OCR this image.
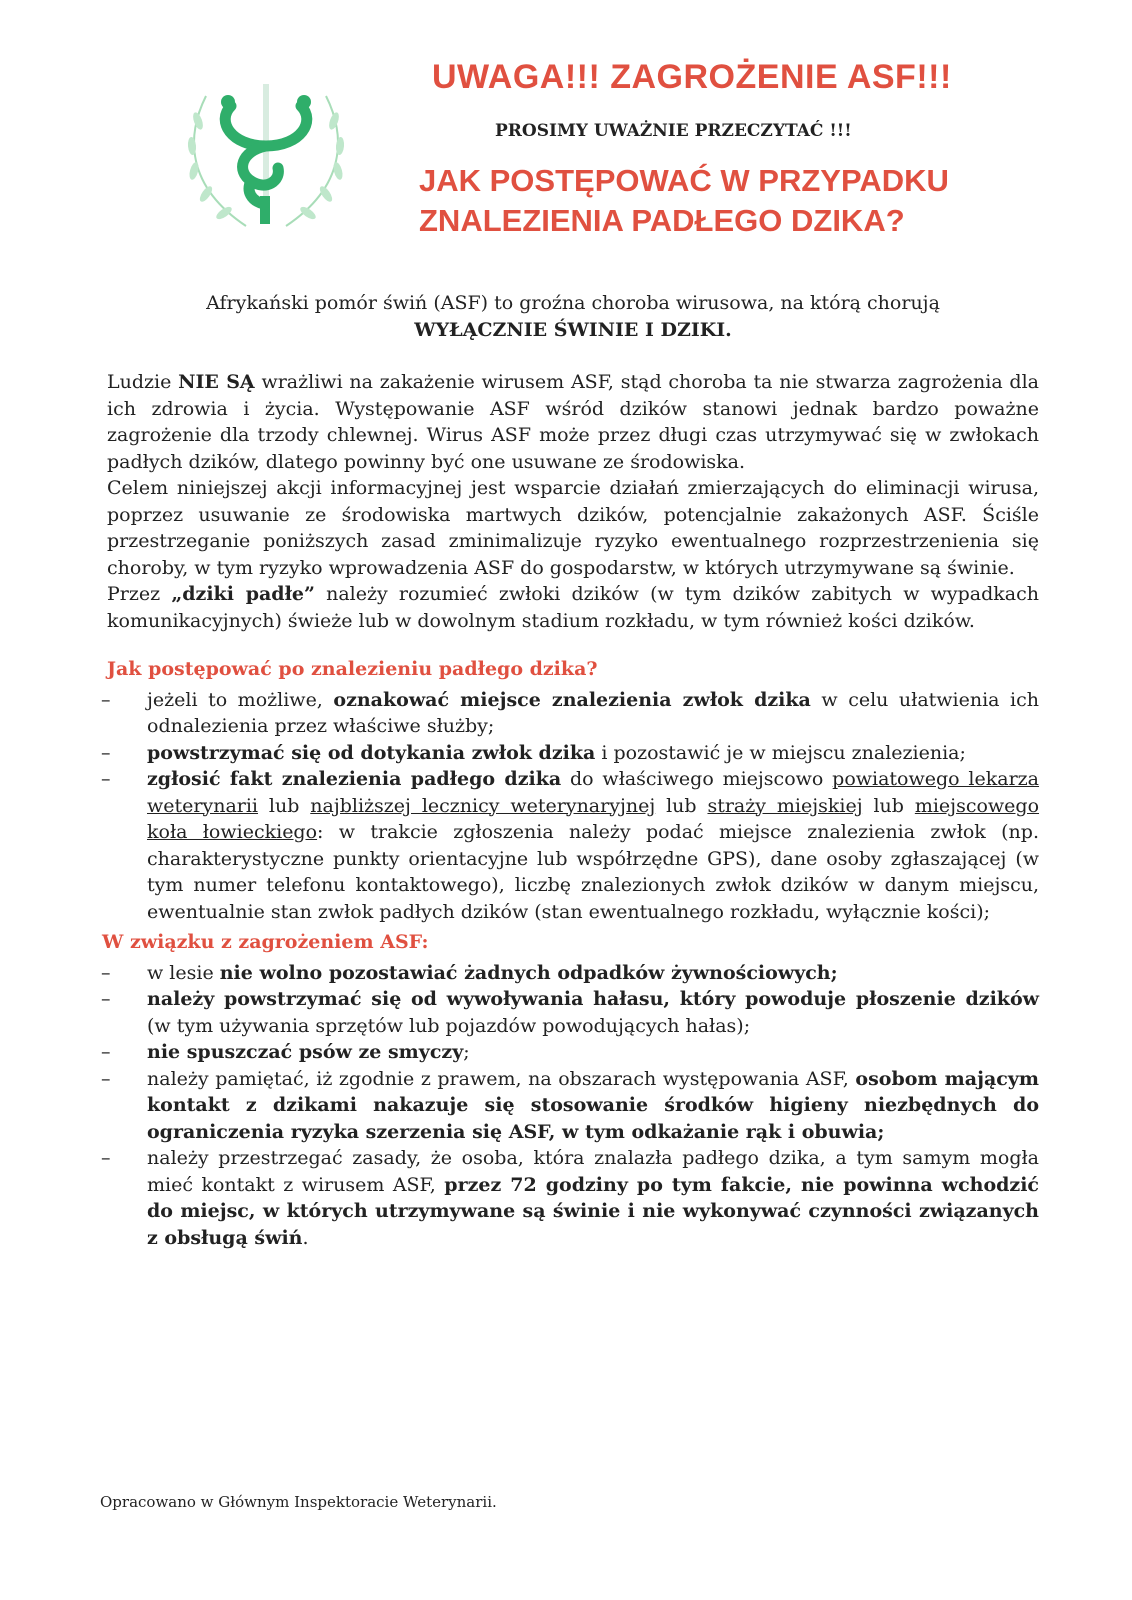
UWAGA!!! ZAGROŻENIE ASF!!!
PROSIMY UWAŻNIE PRZECZYTAĆ !!!
JAK POSTĘPOWAĆ W PRZYPADKU
ZNALEZIENIA PADŁEGO DZIKA?

Afrykański pomór świń (ASF) to groźna choroba wirusowa, na którą chorują

WYŁĄCZNIE ŚWINIE I DZIKI.

Ludzie NIE SĄ wrażliwi na zakażenie wirusem ASF, stąd choroba ta nie stwarza zagrożenia dla ich zdrowia i życia. Występowanie ASF wśród dzików stanowi jednak bardzo poważne zagrożenie dla trzody chlewnej. Wirus ASF może przez długi czas utrzymywać się w zwłokach padłych dzików, dlatego powinny być one usuwane ze środowiska.

Celem niniejszej akcji informacyjnej jest wsparcie działań zmierzających do eliminacji wirusa, poprzez usuwanie ze środowiska martwych dzików, potencjalnie zakażonych ASF. Ściśle przestrzeganie poniższych zasad zminimalizuje ryzyko ewentualnego rozprzestrzenienia się choroby, w tym ryzyko wprowadzenia ASF do gospodarstw, w których utrzymywane są świnie.

Przez „dziki padłe” należy rozumieć zwłoki dzików (w tym dzików zabitych w wypadkach komunikacyjnych) świeże lub w dowolnym stadium rozkładu, w tym również kości dzików.

Jak postępować po znalezieniu padłego dzika?
– jeżeli to możliwe, oznakować miejsce znalezienia zwłok dzika w celu ułatwienia ich odnalezienia przez właściwe służby;
– powstrzymać się od dotykania zwłok dzika i pozostawić je w miejscu znalezienia;
– zgłosić fakt znalezienia padłego dzika do właściwego miejscowo powiatowego lekarza weterynarii lub najbliższej lecznicy weterynaryjnej lub straży miejskiej lub miejscowego koła łowieckiego: w trakcie zgłoszenia należy podać miejsce znalezienia zwłok (np. charakterystyczne punkty orientacyjne lub współrzędne GPS), dane osoby zgłaszającej (w tym numer telefonu kontaktowego), liczbę znalezionych zwłok dzików w danym miejscu, ewentualnie stan zwłok padłych dzików (stan ewentualnego rozkładu, wyłącznie kości);
W związku z zagrożeniem ASF:
– w lesie nie wolno pozostawiać żadnych odpadków żywnościowych;
– należy powstrzymać się od wywoływania hałasu, który powoduje płoszenie dzików (w tym używania sprzętów lub pojazdów powodujących hałas);
– nie spuszczać psów ze smyczy;
– należy pamiętać, iż zgodnie z prawem, na obszarach występowania ASF, osobom mającym kontakt z dzikami nakazuje się stosowanie środków higieny niezbędnych do ograniczenia ryzyka szerzenia się ASF, w tym odkażanie rąk i obuwia;
– należy przestrzegać zasady, że osoba, która znalazła padłego dzika, a tym samym mogła mieć kontakt z wirusem ASF, przez 72 godziny po tym fakcie, nie powinna wchodzić do miejsc, w których utrzymywane są świnie i nie wykonywać czynności związanych z obsługą świń.
Opracowano w Głównym Inspektoracie Weterynarii.
